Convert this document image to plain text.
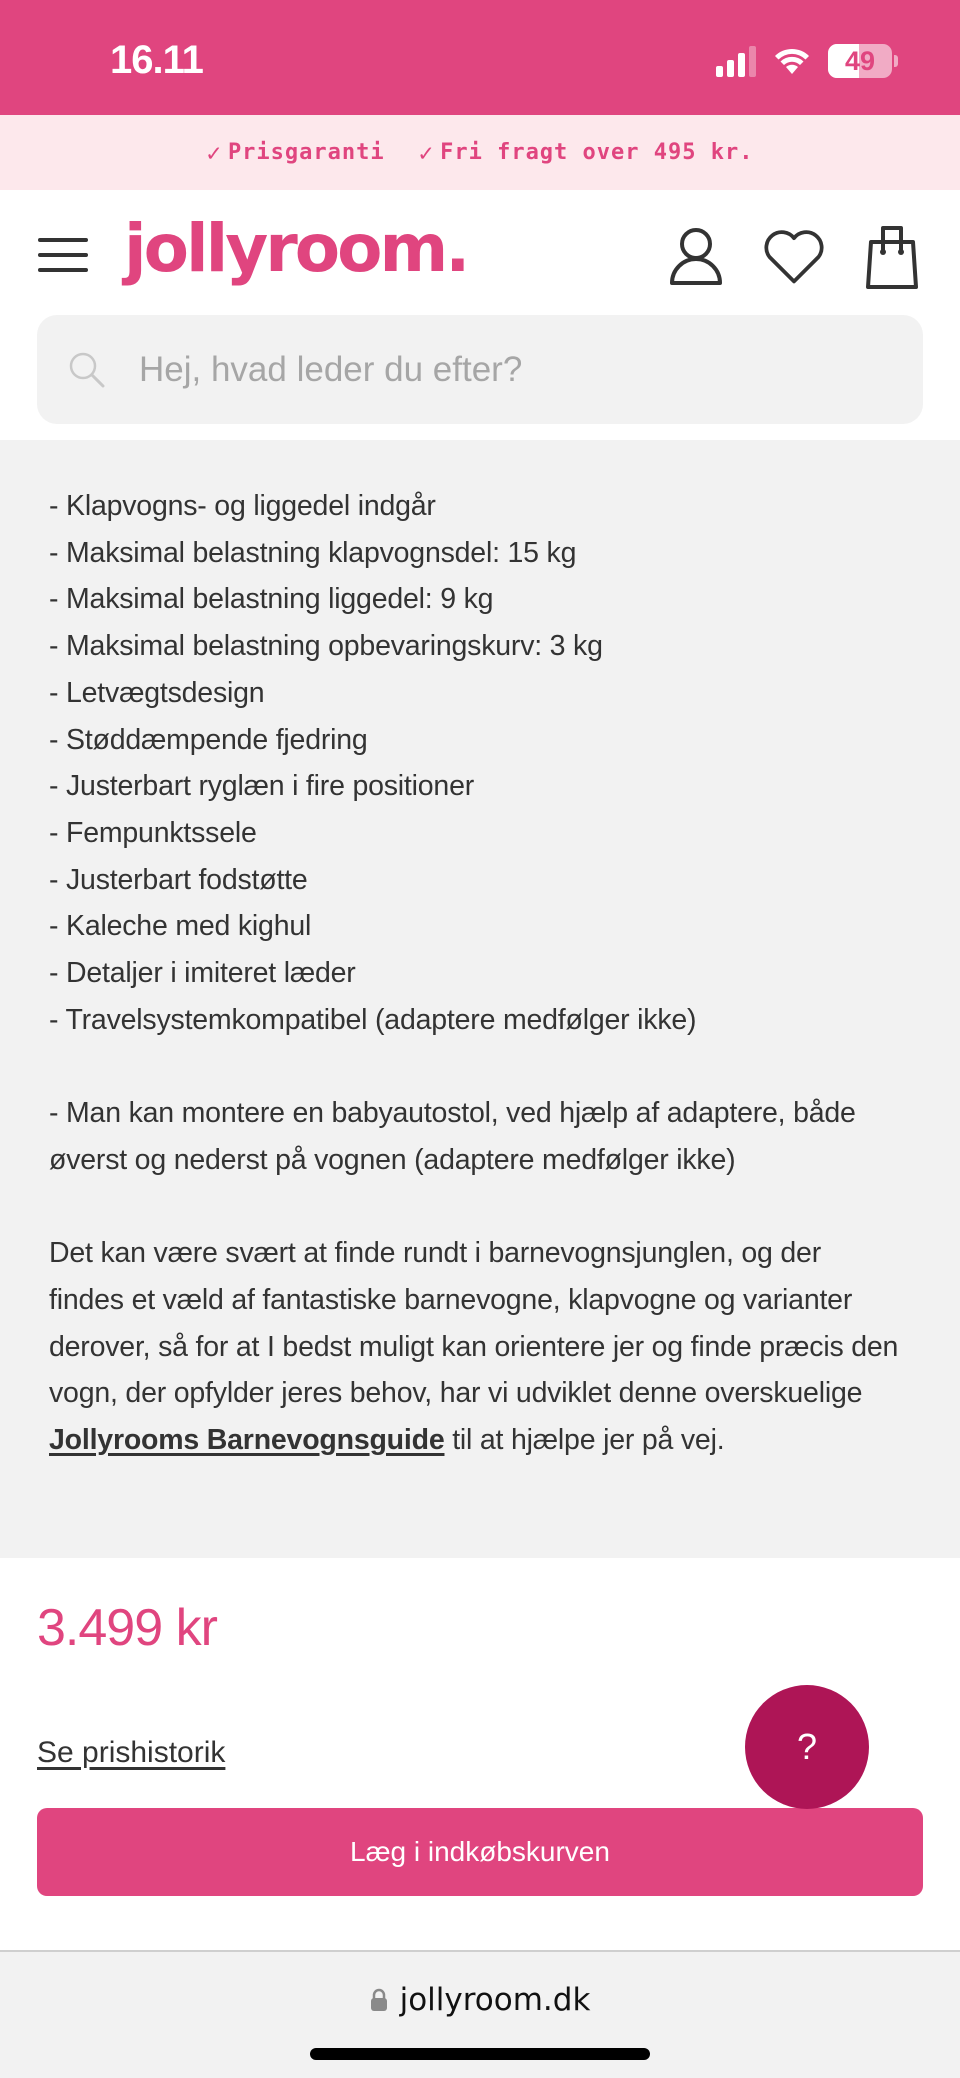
16.11	49
✓ Prisgaranti ✓ Fri fragt over 495 kr.
jollyroom.
Hej, hvad leder du efter?

- Klapvogns- og liggedel indgår

- Maksimal belastning klapvognsdel: 15 kg

- Maksimal belastning liggedel: 9 kg

- Maksimal belastning opbevaringskurv: 3 kg

- Letvægtsdesign

- Støddæmpende fjedring

- Justerbart ryglæn i fire positioner

- Fempunktssele

- Justerbart fodstøtte

- Kaleche med kighul

- Detaljer i imiteret læder

- Travelsystemkompatibel (adaptere medfølger ikke)

- Man kan montere en babyautostol, ved hjælp af adaptere, både øverst og nederst på vognen (adaptere medfølger ikke)

Det kan være svært at finde rundt i barnevognsjunglen, og der findes et væld af fantastiske barnevogne, klapvogne og varianter derover, så for at I bedst muligt kan orientere jer og finde præcis den vogn, der opfylder jeres behov, har vi udviklet denne overskuelige
Jollyrooms Barnevognsguide til at hjælpe jer på vej.

3.499 kr
Se prishistorik	?
Læg i indkøbskurven
jollyroom.dk
